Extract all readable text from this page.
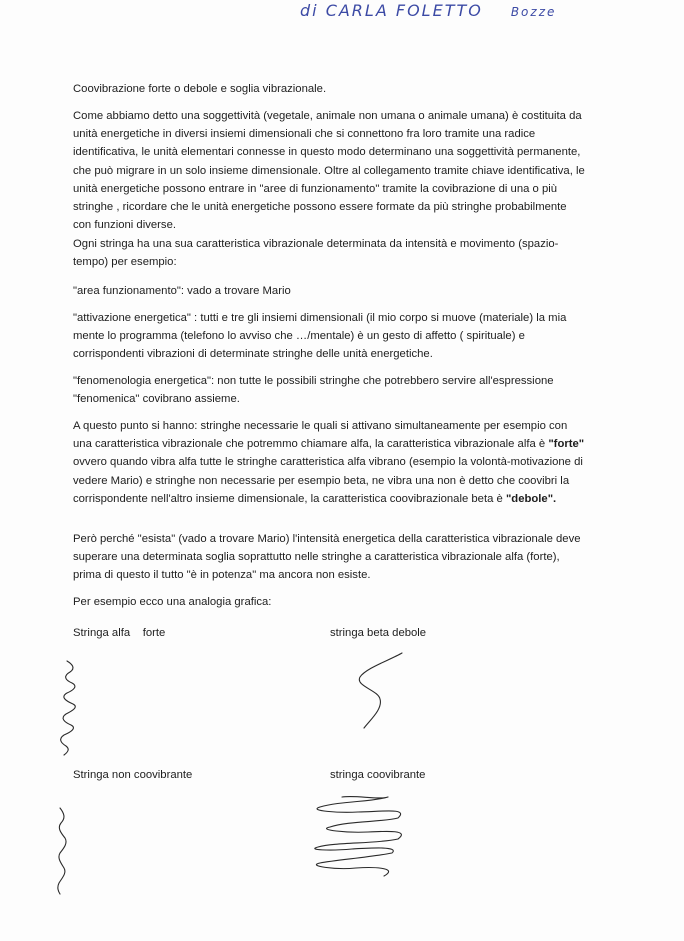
di CARLA FOLETTO Bozze
Coovibrazione forte o debole e soglia vibrazionale.

Come abbiamo detto una soggettività (vegetale, animale non umana o animale umana) è costituita da unità energetiche in diversi insiemi dimensionali che si connettono fra loro tramite una radice identificativa, le unità elementari connesse in questo modo determinano una soggettività permanente, che può migrare in un solo insieme dimensionale. Oltre al collegamento tramite chiave identificativa, le unità energetiche possono entrare in "aree di funzionamento" tramite la covibrazione di una o più stringhe , ricordare che le unità energetiche possono essere formate da più stringhe probabilmente con funzioni diverse.

Ogni stringa ha una sua caratteristica vibrazionale determinata da intensità e movimento (spazio-tempo) per esempio:

"area funzionamento": vado a trovare Mario

"attivazione energetica" : tutti e tre gli insiemi dimensionali (il mio corpo si muove (materiale) la mia mente lo programma (telefono lo avviso che …/mentale) è un gesto di affetto ( spirituale) e corrispondenti vibrazioni di determinate stringhe delle unità energetiche.

"fenomenologia energetica": non tutte le possibili stringhe che potrebbero servire all'espressione "fenomenica" covibrano assieme.

A questo punto si hanno: stringhe necessarie le quali si attivano simultaneamente per esempio con una caratteristica vibrazionale che potremmo chiamare alfa, la caratteristica vibrazionale alfa è "forte" ovvero quando vibra alfa tutte le stringhe caratteristica alfa vibrano (esempio la volontà-motivazione di vedere Mario) e stringhe non necessarie per esempio beta, ne vibra una non è detto che coovibri la corrispondente nell'altro insieme dimensionale, la caratteristica coovibrazionale beta è "debole".

Però perché "esista" (vado a trovare Mario) l'intensità energetica della caratteristica vibrazionale deve superare una determinata soglia soprattutto nelle stringhe a caratteristica vibrazionale alfa (forte), prima di questo il tutto "è in potenza" ma ancora non esiste.

Per esempio ecco una analogia grafica:

Stringa alfa    forte	stringa beta debole

Stringa non coovibrante	stringa coovibrante
